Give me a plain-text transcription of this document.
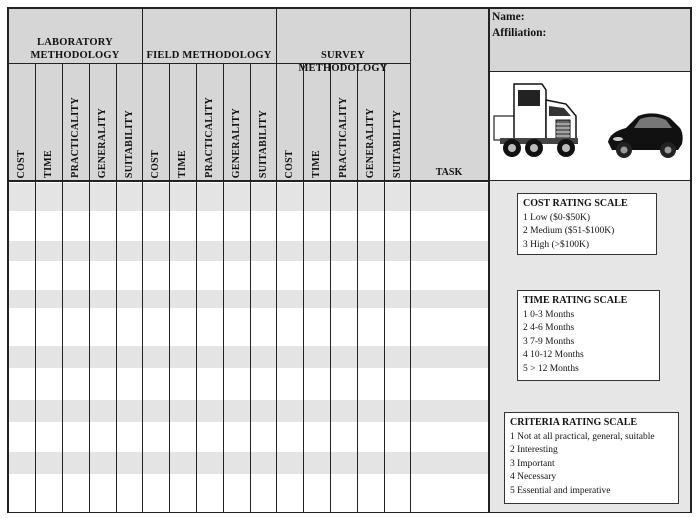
LABORATORY
METHODOLOGY	FIELD METHODOLOGY	SURVEY METHODOLOGY
COST TIME PRACTICALITY GENERALITY SUITABILITY COST TIME PRACTICALITY GENERALITY SUITABILITY COST TIME PRACTICALITY GENERALITY SUITABILITY	TASK
Name:
Affiliation:
COST RATING SCALE
1 Low ($0-$50K)
2 Medium ($51-$100K)
3 High (>$100K)
TIME RATING SCALE
1 0-3 Months
2 4-6 Months
3 7-9 Months
4 10-12 Months
5 > 12 Months
CRITERIA RATING SCALE
1 Not at all practical, general, suitable
2 Interesting
3 Important
4 Necessary
5 Essential and imperative
